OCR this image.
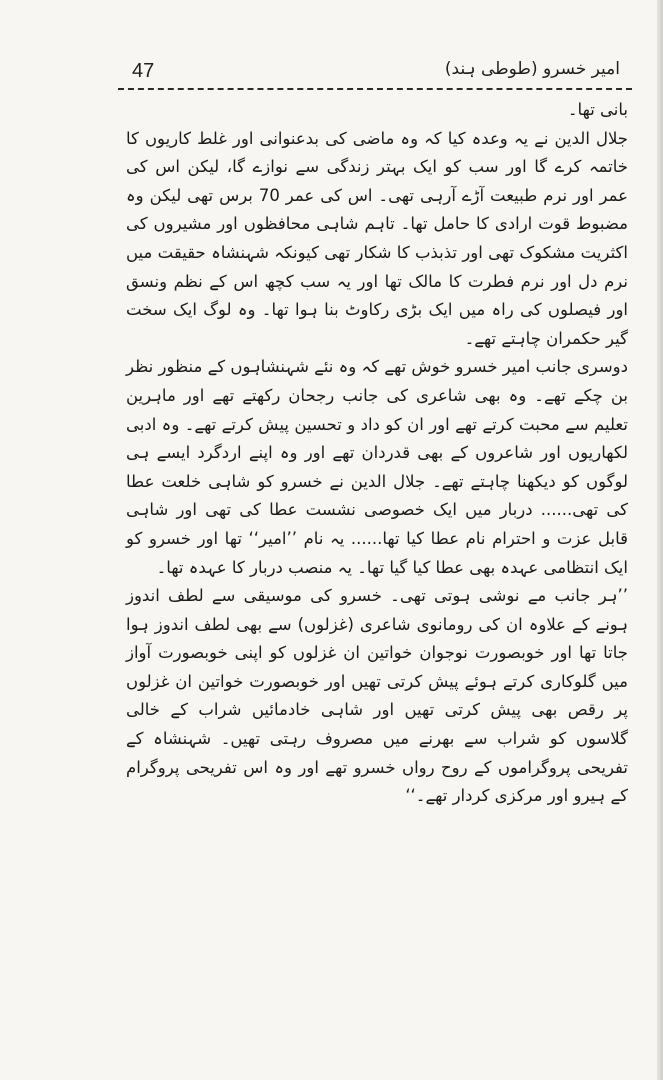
47	امیر خسرو (طوطی ہند)

بانی تھا۔

جلال الدین نے یہ وعدہ کیا کہ وہ ماضی کی بدعنوانی اور غلط کاریوں کا خاتمہ کرے گا اور سب کو ایک بہتر زندگی سے نوازے گا، لیکن اس کی عمر اور نرم طبیعت آڑے آرہی تھی۔ اس کی عمر 70 برس تھی لیکن وہ مضبوط قوت ارادی کا حامل تھا۔ تاہم شاہی محافظوں اور مشیروں کی اکثریت مشکوک تھی اور تذبذب کا شکار تھی کیونکہ شہنشاہ حقیقت میں نرم دل اور نرم فطرت کا مالک تھا اور یہ سب کچھ اس کے نظم ونسق اور فیصلوں کی راہ میں ایک بڑی رکاوٹ بنا ہوا تھا۔ وہ لوگ ایک سخت گیر حکمران چاہتے تھے۔

دوسری جانب امیر خسرو خوش تھے کہ وہ نئے شہنشاہوں کے منظور نظر بن چکے تھے۔ وہ بھی شاعری کی جانب رجحان رکھتے تھے اور ماہرین تعلیم سے محبت کرتے تھے اور ان کو داد و تحسین پیش کرتے تھے۔ وہ ادبی لکھاریوں اور شاعروں کے بھی قدردان تھے اور وہ اپنے اردگرد ایسے ہی لوگوں کو دیکھنا چاہتے تھے۔ جلال الدین نے خسرو کو شاہی خلعت عطا کی تھی...... دربار میں ایک خصوصی نشست عطا کی تھی اور شاہی قابل عزت و احترام نام عطا کیا تھا...... یہ نام ’’امیر‘‘ تھا اور خسرو کو ایک انتظامی عہدہ بھی عطا کیا گیا تھا۔ یہ منصب دربار کا عہدہ تھا۔

’’ہر جانب مے نوشی ہوتی تھی۔ خسرو کی موسیقی سے لطف اندوز ہونے کے علاوہ ان کی رومانوی شاعری (غزلوں) سے بھی لطف اندوز ہوا جاتا تھا اور خوبصورت نوجوان خواتین ان غزلوں کو اپنی خوبصورت آواز میں گلوکاری کرتے ہوئے پیش کرتی تھیں اور خوبصورت خواتین ان غزلوں پر رقص بھی پیش کرتی تھیں اور شاہی خادمائیں شراب کے خالی گلاسوں کو شراب سے بھرنے میں مصروف رہتی تھیں۔ شہنشاہ کے تفریحی پروگراموں کے روح رواں خسرو تھے اور وہ اس تفریحی پروگرام کے ہیرو اور مرکزی کردار تھے۔‘‘
